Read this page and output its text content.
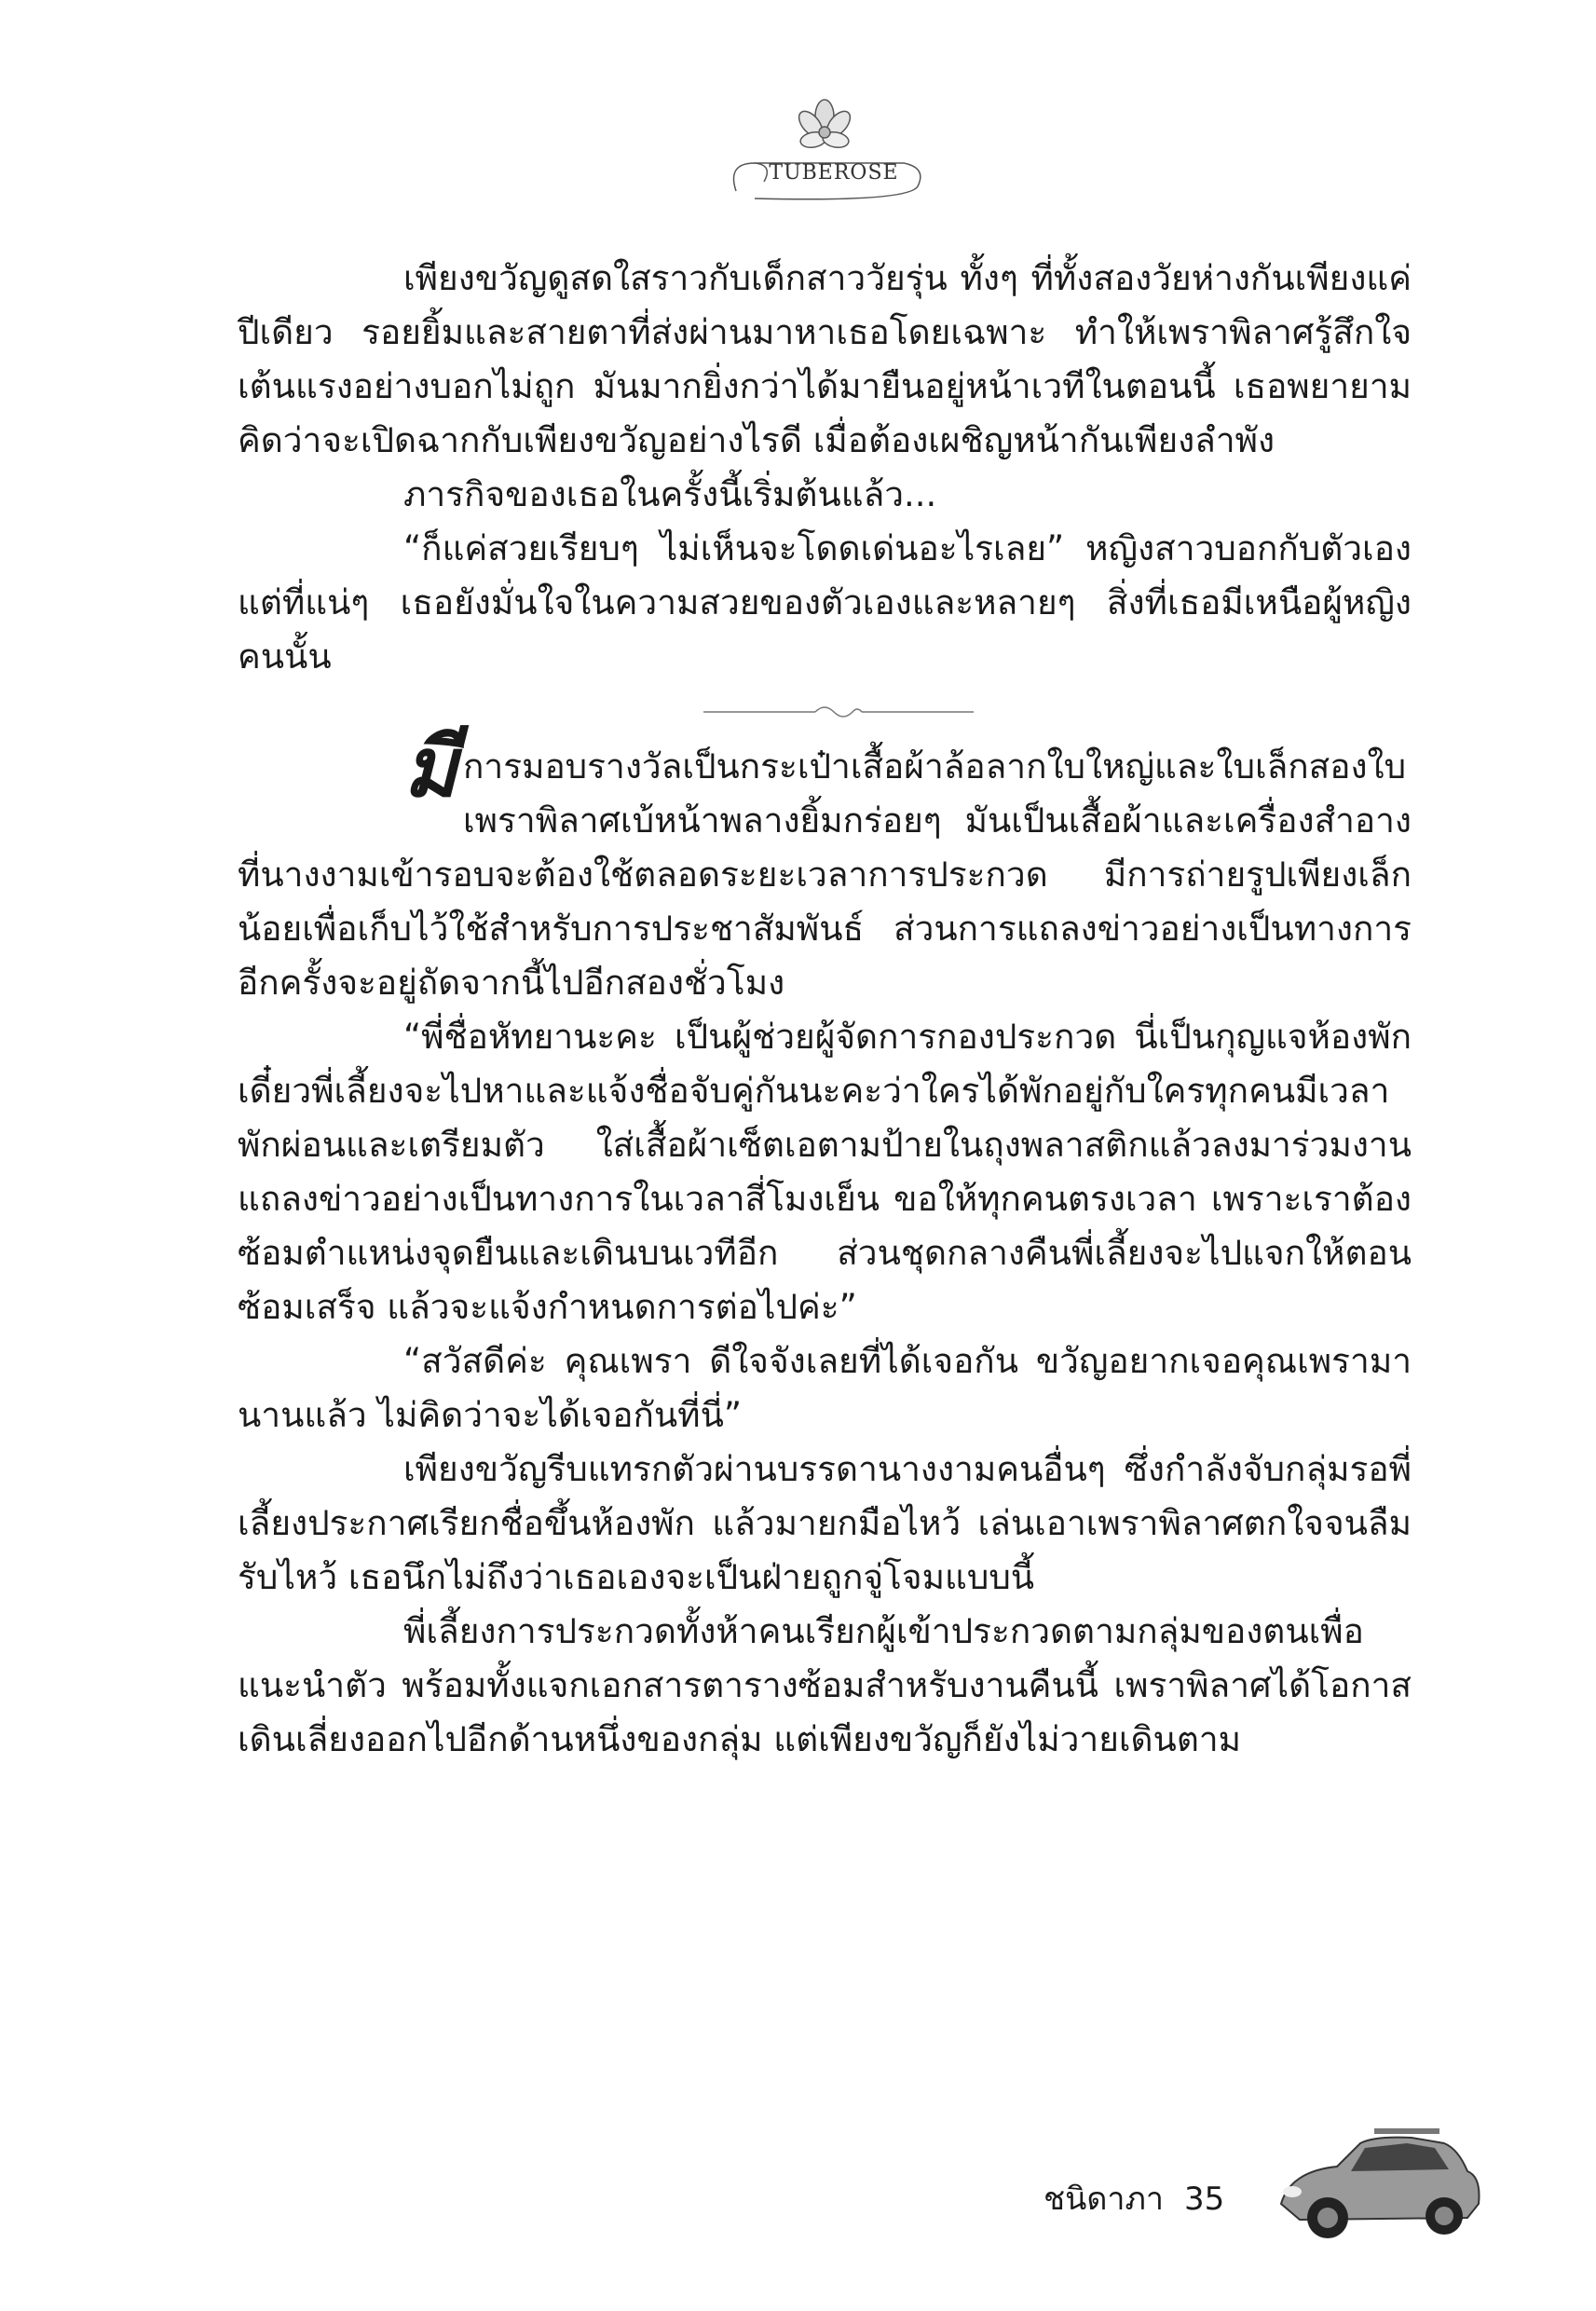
TUBEROSE

เพียงขวัญดูสดใสราวกับเด็กสาววัยรุ่น ทั้งๆ ที่ทั้งสองวัยห่างกันเพียงแค่ปีเดียว รอยยิ้มและสายตาที่ส่งผ่านมาหาเธอโดยเฉพาะ ทำให้เพราพิลาศรู้สึกใจเต้นแรงอย่างบอกไม่ถูก มันมากยิ่งกว่าได้มายืนอยู่หน้าเวทีในตอนนี้ เธอพยายามคิดว่าจะเปิดฉากกับเพียงขวัญอย่างไรดี เมื่อต้องเผชิญหน้ากันเพียงลำพัง

ภารกิจของเธอในครั้งนี้เริ่มต้นแล้ว...

“ก็แค่สวยเรียบๆ ไม่เห็นจะโดดเด่นอะไรเลย” หญิงสาวบอกกับตัวเอง แต่ที่แน่ๆ เธอยังมั่นใจในความสวยของตัวเองและหลายๆ สิ่งที่เธอมีเหนือผู้หญิงคนนั้น

มีการมอบรางวัลเป็นกระเป๋าเสื้อผ้าล้อลากใบใหญ่และใบเล็กสองใบ เพราพิลาศเบ้หน้าพลางยิ้มกร่อยๆ มันเป็นเสื้อผ้าและเครื่องสำอางที่นางงามเข้ารอบจะต้องใช้ตลอดระยะเวลาการประกวด มีการถ่ายรูปเพียงเล็กน้อยเพื่อเก็บไว้ใช้สำหรับการประชาสัมพันธ์ ส่วนการแถลงข่าวอย่างเป็นทางการอีกครั้งจะอยู่ถัดจากนี้ไปอีกสองชั่วโมง

“พี่ชื่อหัทยานะคะ เป็นผู้ช่วยผู้จัดการกองประกวด นี่เป็นกุญแจห้องพัก เดี๋ยวพี่เลี้ยงจะไปหาและแจ้งชื่อจับคู่กันนะคะว่าใครได้พักอยู่กับใครทุกคนมีเวลาพักผ่อนและเตรียมตัว ใส่เสื้อผ้าเซ็ตเอตามป้ายในถุงพลาสติกแล้วลงมาร่วมงานแถลงข่าวอย่างเป็นทางการในเวลาสี่โมงเย็น ขอให้ทุกคนตรงเวลา เพราะเราต้องซ้อมตำแหน่งจุดยืนและเดินบนเวทีอีก ส่วนชุดกลางคืนพี่เลี้ยงจะไปแจกให้ตอนซ้อมเสร็จ แล้วจะแจ้งกำหนดการต่อไปค่ะ”

“สวัสดีค่ะ คุณเพรา ดีใจจังเลยที่ได้เจอกัน ขวัญอยากเจอคุณเพรามานานแล้ว ไม่คิดว่าจะได้เจอกันที่นี่”

เพียงขวัญรีบแทรกตัวผ่านบรรดานางงามคนอื่นๆ ซึ่งกำลังจับกลุ่มรอพี่เลี้ยงประกาศเรียกชื่อขึ้นห้องพัก แล้วมายกมือไหว้ เล่นเอาเพราพิลาศตกใจจนลืมรับไหว้ เธอนึกไม่ถึงว่าเธอเองจะเป็นฝ่ายถูกจู่โจมแบบนี้

พี่เลี้ยงการประกวดทั้งห้าคนเรียกผู้เข้าประกวดตามกลุ่มของตนเพื่อแนะนำตัว พร้อมทั้งแจกเอกสารตารางซ้อมสำหรับงานคืนนี้ เพราพิลาศได้โอกาสเดินเลี่ยงออกไปอีกด้านหนึ่งของกลุ่ม แต่เพียงขวัญก็ยังไม่วายเดินตาม

ชนิดาภา 35
